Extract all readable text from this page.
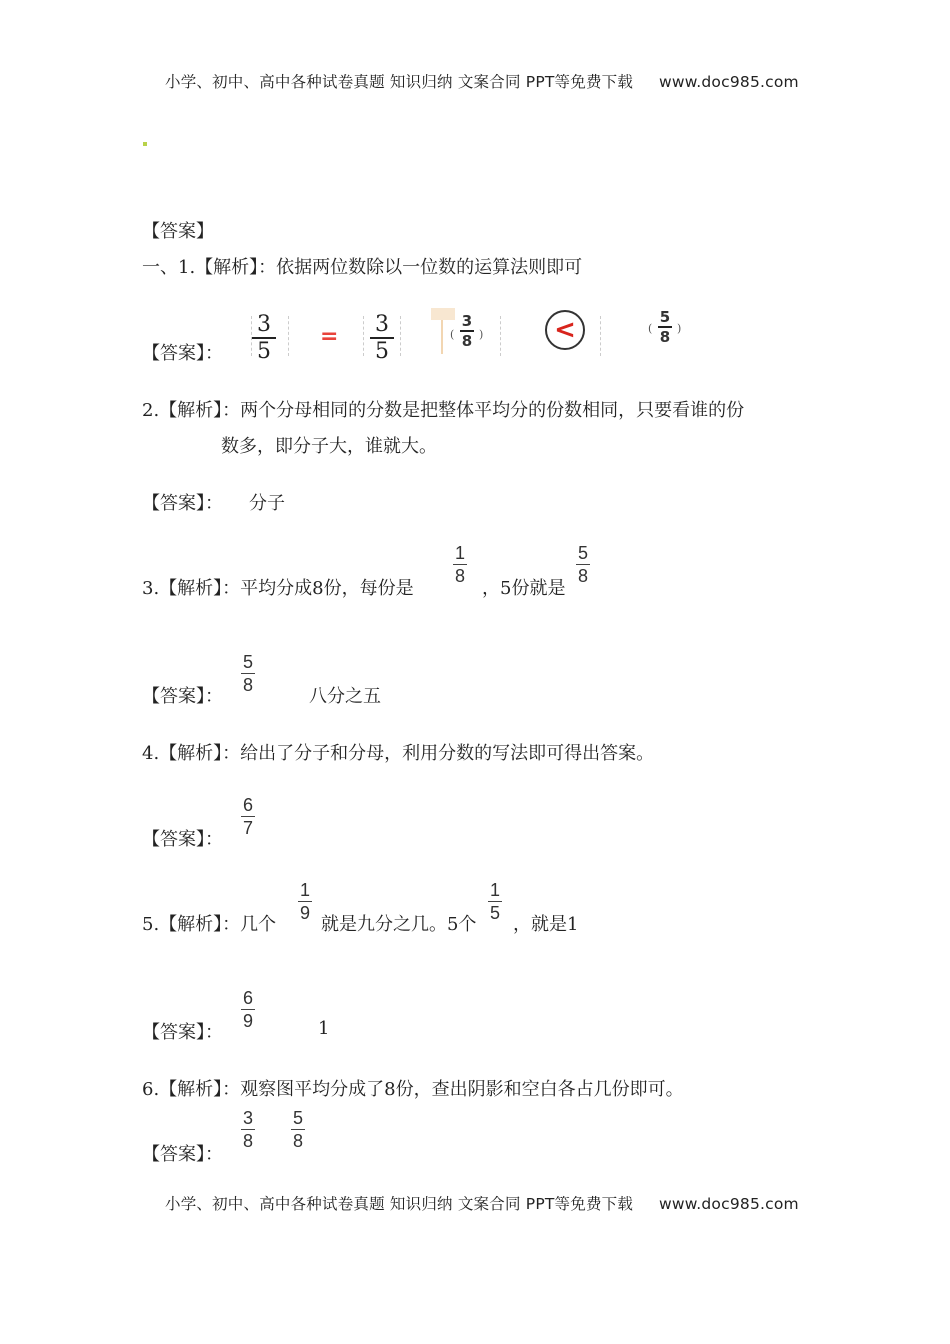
小学、初中、高中各种试卷真题 知识归纳 文案合同 PPT等免费下载 www.doc985.com
【答案】
一、1.【解析】：依据两位数除以一位数的运算法则即可
【答案】：
3
5
= 3
5
(
3
8 )	<	(
5
8 )
2.【解析】：两个分母相同的分数是把整体平均分的份数相同，只要看谁的份
数多，即分子大，谁就大。
【答案】： 分子
3.【解析】：平均分成8份，每份是
1
8
，5份就是
5
8
【答案】：
5
8
八分之五
4.【解析】：给出了分子和分母，利用分数的写法即可得出答案。
【答案】：
6
7
5.【解析】：几个
1
9
就是九分之几。5个
1
5
，就是1
【答案】：
6
9	1
6.【解析】：观察图平均分成了8份，查出阴影和空白各占几份即可。
【答案】：
3
8
5
8
小学、初中、高中各种试卷真题 知识归纳 文案合同 PPT等免费下载 www.doc985.com
